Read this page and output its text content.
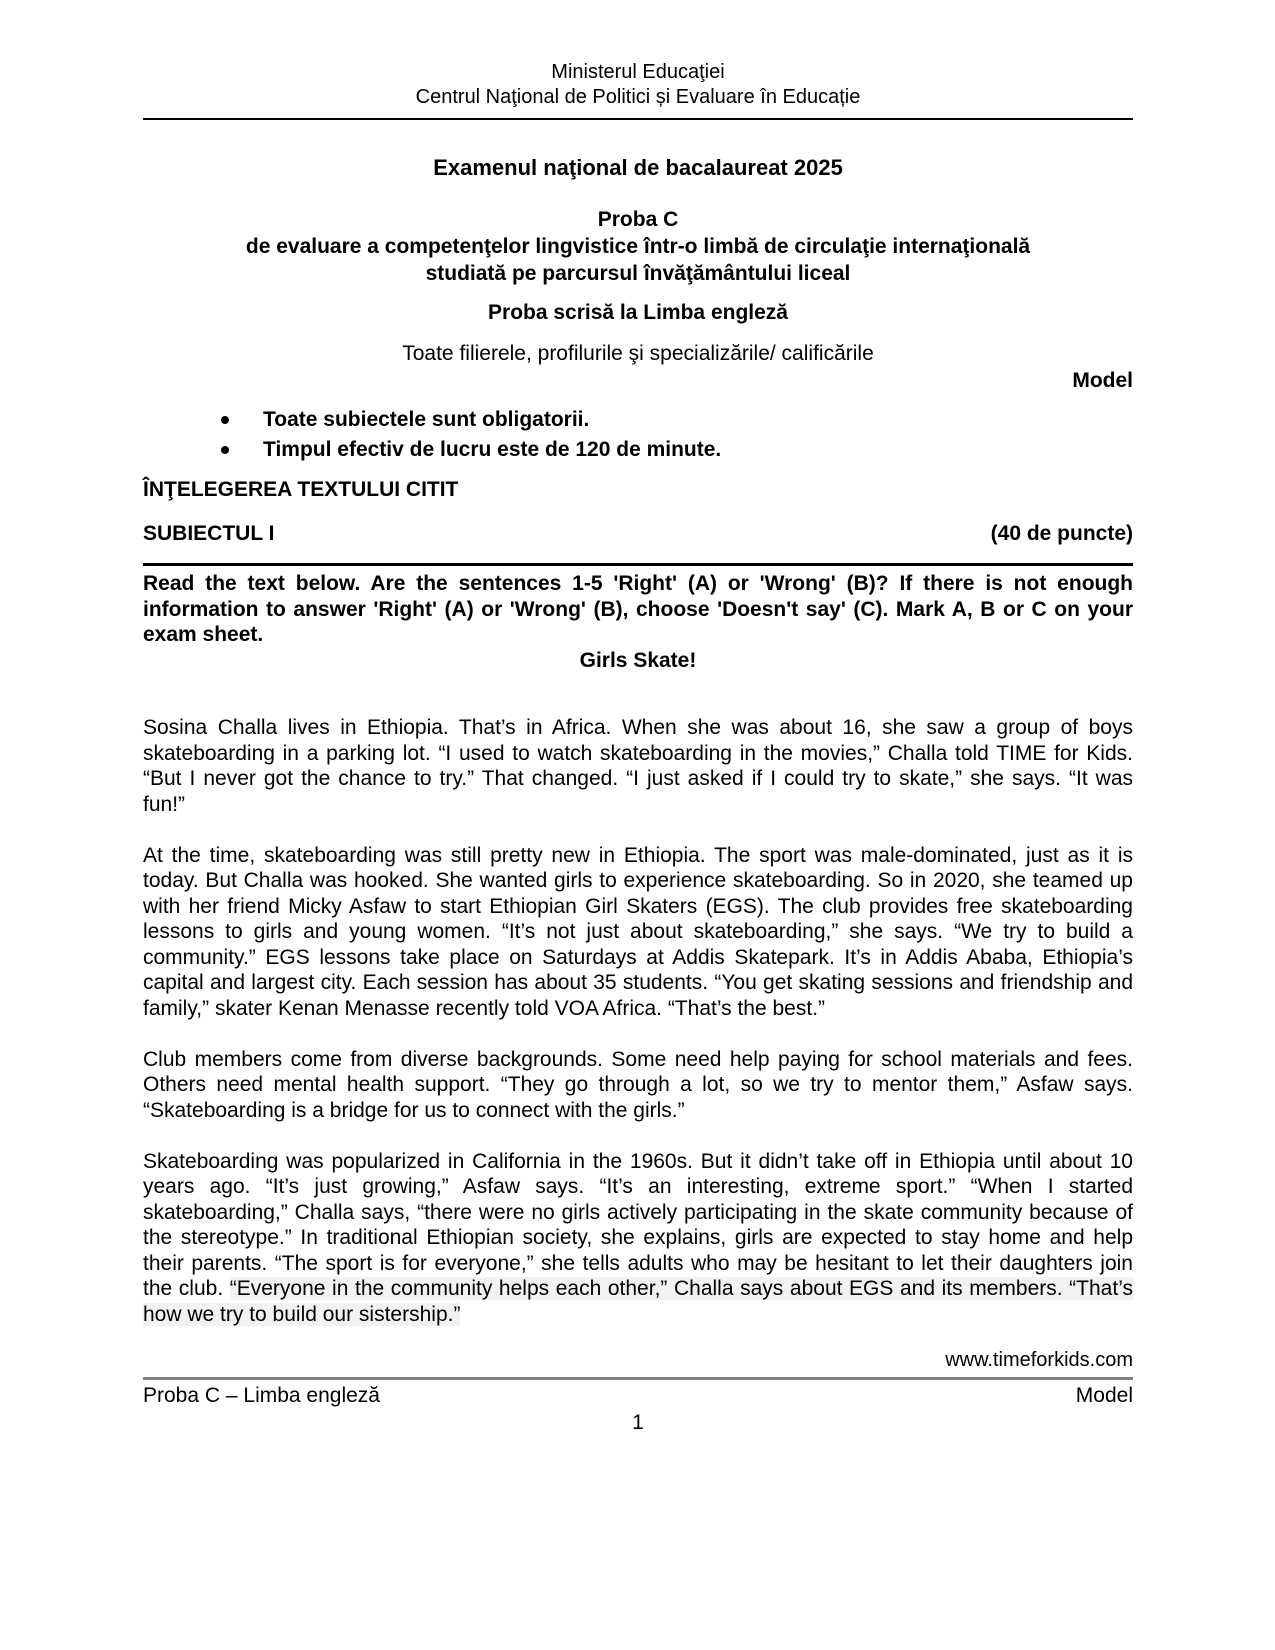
Ministerul Educaţiei
Centrul Naţional de Politici și Evaluare în Educație
Examenul naţional de bacalaureat 2025
Proba C
de evaluare a competenţelor lingvistice într-o limbă de circulaţie internaţională
studiată pe parcursul învăţământului liceal
Proba scrisă la Limba engleză
Toate filierele, profilurile şi specializările/ calificările
Model
Toate subiectele sunt obligatorii.
Timpul efectiv de lucru este de 120 de minute.
ÎNŢELEGEREA TEXTULUI CITIT
SUBIECTUL I	(40 de puncte)

Read the text below. Are the sentences 1-5 'Right' (A) or 'Wrong' (B)? If there is not enough information to answer 'Right' (A) or 'Wrong' (B), choose 'Doesn't say' (C). Mark A, B or C on your exam sheet.

Girls Skate!

Sosina Challa lives in Ethiopia. That’s in Africa. When she was about 16, she saw a group of boys skateboarding in a parking lot. “I used to watch skateboarding in the movies,” Challa told TIME for Kids. “But I never got the chance to try.” That changed. “I just asked if I could try to skate,” she says. “It was fun!”

At the time, skateboarding was still pretty new in Ethiopia. The sport was male-dominated, just as it is today. But Challa was hooked. She wanted girls to experience skateboarding. So in 2020, she teamed up with her friend Micky Asfaw to start Ethiopian Girl Skaters (EGS). The club provides free skateboarding lessons to girls and young women. “It’s not just about skateboarding,” she says. “We try to build a community.” EGS lessons take place on Saturdays at Addis Skatepark. It’s in Addis Ababa, Ethiopia’s capital and largest city. Each session has about 35 students. “You get skating sessions and friendship and family,” skater Kenan Menasse recently told VOA Africa. “That’s the best.”

Club members come from diverse backgrounds. Some need help paying for school materials and fees. Others need mental health support. “They go through a lot, so we try to mentor them,” Asfaw says. “Skateboarding is a bridge for us to connect with the girls.”

Skateboarding was popularized in California in the 1960s. But it didn’t take off in Ethiopia until about 10 years ago. “It’s just growing,” Asfaw says. “It’s an interesting, extreme sport.” “When I started skateboarding,” Challa says, “there were no girls actively participating in the skate community because of the stereotype.” In traditional Ethiopian society, she explains, girls are expected to stay home and help their parents. “The sport is for everyone,” she tells adults who may be hesitant to let their daughters join the club. “Everyone in the community helps each other,” Challa says about EGS and its members. “That’s how we try to build our sistership.”

www.timeforkids.com
Proba C – Limba engleză	Model
1
